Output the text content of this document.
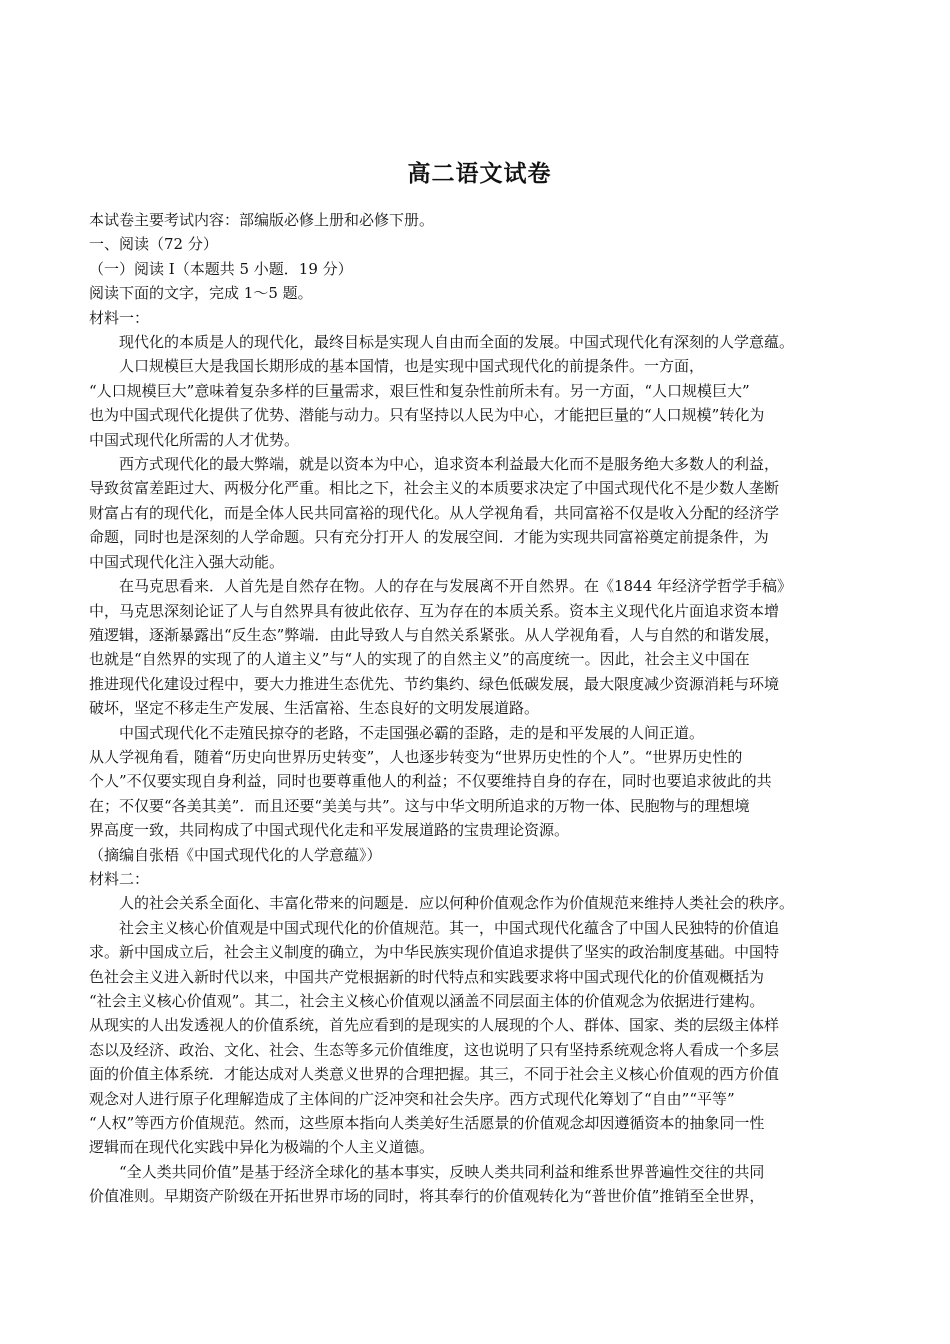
高二语文试卷
本试卷主要考试内容：部编版必修上册和必修下册。
一、阅读（72 分）
（一）阅读 I（本题共 5 小题．19 分）
阅读下面的文字，完成 1～5 题。
材料一：
现代化的本质是人的现代化，最终目标是实现人自由而全面的发展。中国式现代化有深刻的人学意蕴。
人口规模巨大是我国长期形成的基本国情，也是实现中国式现代化的前提条件。一方面，
“人口规模巨大”意味着复杂多样的巨量需求，艰巨性和复杂性前所未有。另一方面，“人口规模巨大”
也为中国式现代化提供了优势、潜能与动力。只有坚持以人民为中心，才能把巨量的“人口规模”转化为
中国式现代化所需的人才优势。
西方式现代化的最大弊端，就是以资本为中心，追求资本利益最大化而不是服务绝大多数人的利益，
导致贫富差距过大、两极分化严重。相比之下，社会主义的本质要求决定了中国式现代化不是少数人垄断
财富占有的现代化，而是全体人民共同富裕的现代化。从人学视角看，共同富裕不仅是收入分配的经济学
命题，同时也是深刻的人学命题。只有充分打开人 的发展空间．才能为实现共同富裕奠定前提条件，为
中国式现代化注入强大动能。
在马克思看来．人首先是自然存在物。人的存在与发展离不开自然界。在《1844 年经济学哲学手稿》
中，马克思深刻论证了人与自然界具有彼此依存、互为存在的本质关系。资本主义现代化片面追求资本增
殖逻辑，逐渐暴露出“反生态”弊端．由此导致人与自然关系紧张。从人学视角看，人与自然的和谐发展，
也就是“自然界的实现了的人道主义”与“人的实现了的自然主义”的高度统一。因此，社会主义中国在
推进现代化建设过程中，要大力推进生态优先、节约集约、绿色低碳发展，最大限度减少资源消耗与环境
破坏，坚定不移走生产发展、生活富裕、生态良好的文明发展道路。
中国式现代化不走殖民掠夺的老路，不走国强必霸的歪路，走的是和平发展的人间正道。
从人学视角看，随着“历史向世界历史转变”，人也逐步转变为“世界历史性的个人”。“世界历史性的
个人”不仅要实现自身利益，同时也要尊重他人的利益；不仅要维持自身的存在，同时也要追求彼此的共
在；不仅要“各美其美”．而且还要“美美与共”。这与中华文明所追求的万物一体、民胞物与的理想境
界高度一致，共同构成了中国式现代化走和平发展道路的宝贵理论资源。
（摘编自张梧《中国式现代化的人学意蕴》）
材料二：
人的社会关系全面化、丰富化带来的问题是．应以何种价值观念作为价值规范来维持人类社会的秩序。
社会主义核心价值观是中国式现代化的价值规范。其一，中国式现代化蕴含了中国人民独特的价值追
求。新中国成立后，社会主义制度的确立，为中华民族实现价值追求提供了坚实的政治制度基础。中国特
色社会主义进入新时代以来，中国共产党根据新的时代特点和实践要求将中国式现代化的价值观概括为
“社会主义核心价值观”。其二，社会主义核心价值观以涵盖不同层面主体的价值观念为依据进行建构。
从现实的人出发透视人的价值系统，首先应看到的是现实的人展现的个人、群体、国家、类的层级主体样
态以及经济、政治、文化、社会、生态等多元价值维度，这也说明了只有坚持系统观念将人看成一个多层
面的价值主体系统．才能达成对人类意义世界的合理把握。其三，不同于社会主义核心价值观的西方价值
观念对人进行原子化理解造成了主体间的广泛冲突和社会失序。西方式现代化筹划了“自由”“平等”
“人权”等西方价值规范。然而，这些原本指向人类美好生活愿景的价值观念却因遵循资本的抽象同一性
逻辑而在现代化实践中异化为极端的个人主义道德。
“全人类共同价值”是基于经济全球化的基本事实，反映人类共同利益和维系世界普遍性交往的共同
价值准则。早期资产阶级在开拓世界市场的同时，将其奉行的价值观转化为“普世价值”推销至全世界，
